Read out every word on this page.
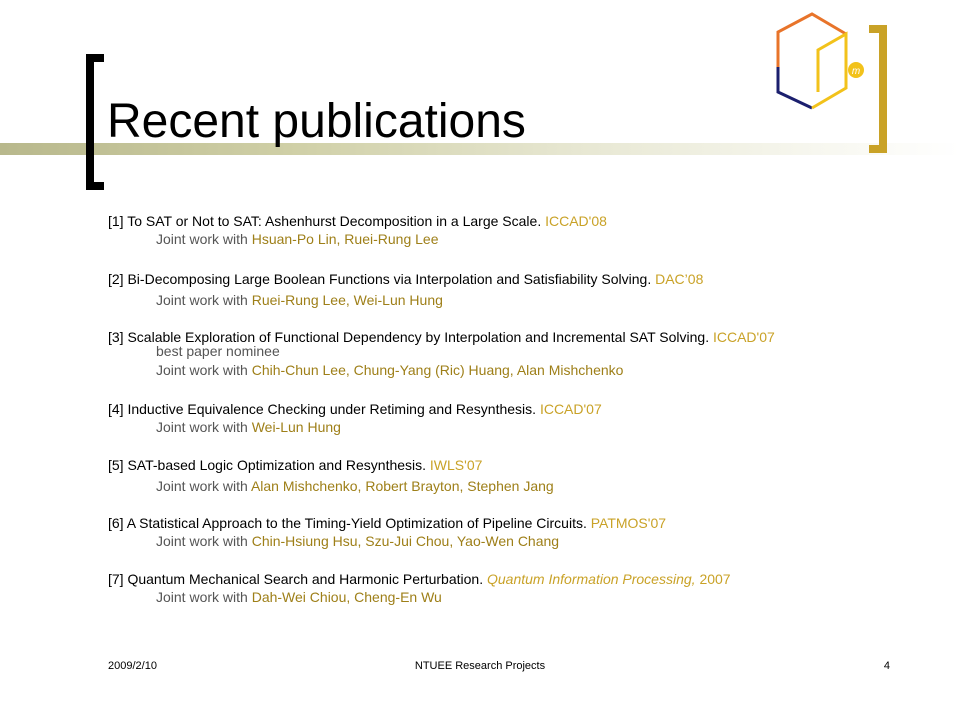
m
Recent publications
[1] To SAT or Not to SAT: Ashenhurst Decomposition in a Large Scale. ICCAD'08
Joint work with Hsuan-Po Lin, Ruei-Rung Lee
[2] Bi-Decomposing Large Boolean Functions via Interpolation and Satisfiability Solving. DAC’08
Joint work with Ruei-Rung Lee, Wei-Lun Hung
[3] Scalable Exploration of Functional Dependency by Interpolation and Incremental SAT Solving. ICCAD'07
best paper nominee
Joint work with Chih-Chun Lee, Chung-Yang (Ric) Huang, Alan Mishchenko
[4] Inductive Equivalence Checking under Retiming and Resynthesis. ICCAD'07
Joint work with Wei-Lun Hung
[5] SAT-based Logic Optimization and Resynthesis. IWLS'07
Joint work with Alan Mishchenko, Robert Brayton, Stephen Jang
[6] A Statistical Approach to the Timing-Yield Optimization of Pipeline Circuits. PATMOS'07
Joint work with Chin-Hsiung Hsu, Szu-Jui Chou, Yao-Wen Chang
[7] Quantum Mechanical Search and Harmonic Perturbation. Quantum Information Processing, 2007
Joint work with Dah-Wei Chiou, Cheng-En Wu
2009/2/10	NTUEE Research Projects	4
